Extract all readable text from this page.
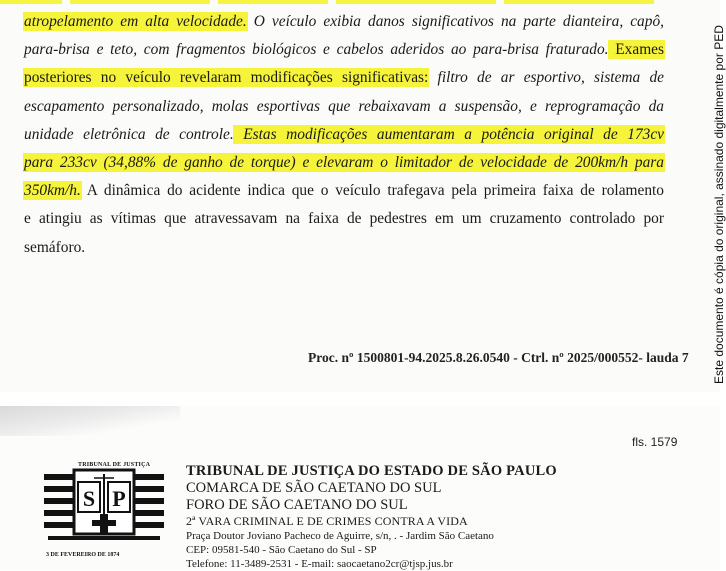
atropelamento em alta velocidade. O veículo exibia danos significativos na parte dianteira, capô,
para-brisa e teto, com fragmentos biológicos e cabelos aderidos ao para-brisa fraturado. Exames
posteriores no veículo revelaram modificações significativas: filtro de ar esportivo, sistema de
escapamento personalizado, molas esportivas que rebaixavam a suspensão, e reprogramação da
unidade eletrônica de controle. Estas modificações aumentaram a potência original de 173cv
para 233cv (34,88% de ganho de torque) e elevaram o limitador de velocidade de 200km/h para
350km/h. A dinâmica do acidente indica que o veículo trafegava pela primeira faixa de rolamento
e atingiu as vítimas que atravessavam na faixa de pedestres em um cruzamento controlado por
semáforo.
Proc. nº 1500801-94.2025.8.26.0540 - Ctrl. nº 2025/000552- lauda 7 Este documento é cópia do original, assinado digitalmente por PED
fls. 1579
TRIBUNAL DE JUSTIÇA
S P
3 DE FEVEREIRO DE 1874
TRIBUNAL DE JUSTIÇA DO ESTADO DE SÃO PAULO
COMARCA DE SÃO CAETANO DO SUL
FORO DE SÃO CAETANO DO SUL
2ª VARA CRIMINAL E DE CRIMES CONTRA A VIDA
Praça Doutor Joviano Pacheco de Aguirre, s/n, . - Jardim São Caetano
CEP: 09581-540 - São Caetano do Sul - SP
Telefone: 11-3489-2531 - E-mail: saocaetano2cr@tjsp.jus.br
